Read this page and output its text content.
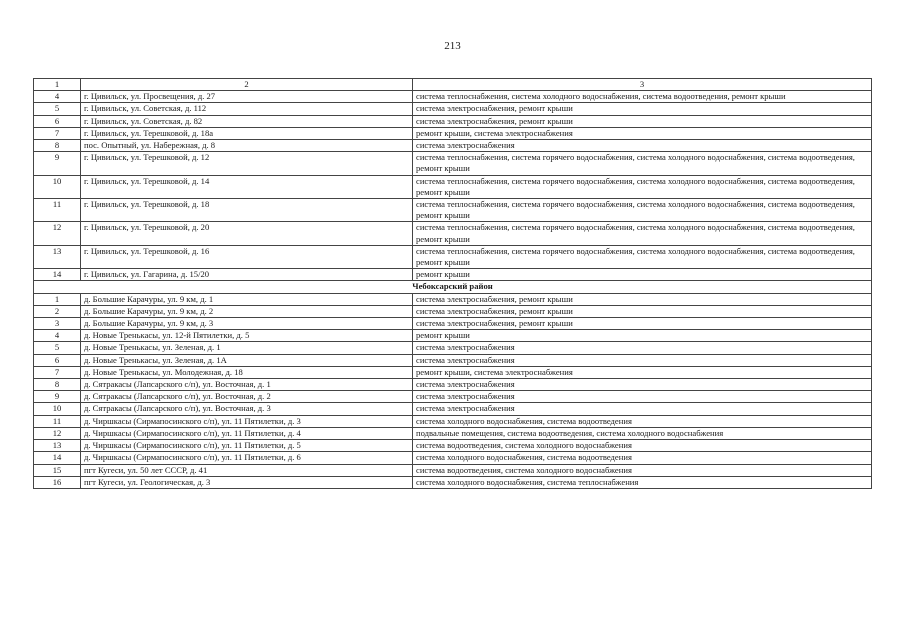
213
1	2	3
4	г. Цивильск, ул. Просвещения, д. 27	система теплоснабжения, система холодного водоснабжения, система водоотведения, ремонт крыши
5	г. Цивильск, ул. Советская, д. 112	система электроснабжения, ремонт крыши
6	г. Цивильск, ул. Советская, д. 82	система электроснабжения, ремонт крыши
7	г. Цивильск, ул. Терешковой, д. 18а	ремонт крыши, система электроснабжения
8	пос. Опытный, ул. Набережная, д. 8	система электроснабжения
9	г. Цивильск, ул. Терешковой, д. 12	система теплоснабжения, система горячего водоснабжения, система холодного водоснабжения, система водоотведения, ремонт крыши
10	г. Цивильск, ул. Терешковой, д. 14	система теплоснабжения, система горячего водоснабжения, система холодного водоснабжения, система водоотведения, ремонт крыши
11	г. Цивильск, ул. Терешковой, д. 18	система теплоснабжения, система горячего водоснабжения, система холодного водоснабжения, система водоотведения, ремонт крыши
12	г. Цивильск, ул. Терешковой, д. 20	система теплоснабжения, система горячего водоснабжения, система холодного водоснабжения, система водоотведения, ремонт крыши
13	г. Цивильск, ул. Терешковой, д. 16	система теплоснабжения, система горячего водоснабжения, система холодного водоснабжения, система водоотведения, ремонт крыши
14	г. Цивильск, ул. Гагарина, д. 15/20	ремонт крыши
Чебоксарский район		
1	д. Большие Карачуры, ул. 9 км, д. 1	система электроснабжения, ремонт крыши
2	д. Большие Карачуры, ул. 9 км, д. 2	система электроснабжения, ремонт крыши
3	д. Большие Карачуры, ул. 9 км, д. 3	система электроснабжения, ремонт крыши
4	д. Новые Тренькасы, ул. 12-й Пятилетки, д. 5	ремонт крыши
5	д. Новые Тренькасы, ул. Зеленая, д. 1	система электроснабжения
6	д. Новые Тренькасы, ул. Зеленая, д. 1А	система электроснабжения
7	д. Новые Тренькасы, ул. Молодежная, д. 18	ремонт крыши, система электроснабжения
8	д. Сятракасы (Лапсарского с/п), ул. Восточная, д. 1	система электроснабжения
9	д. Сятракасы (Лапсарского с/п), ул. Восточная, д. 2	система электроснабжения
10	д. Сятракасы (Лапсарского с/п), ул. Восточная, д. 3	система электроснабжения
11	д. Чиршкасы (Сирмапосинского с/п), ул. 11 Пятилетки, д. 3	система холодного водоснабжения, система водоотведения
12	д. Чиршкасы (Сирмапосинского с/п), ул. 11 Пятилетки, д. 4	подвальные помещения, система водоотведения, система холодного водоснабжения
13	д. Чиршкасы (Сирмапосинского с/п), ул. 11 Пятилетки, д. 5	система водоотведения, система холодного водоснабжения
14	д. Чиршкасы (Сирмапосинского с/п), ул. 11 Пятилетки, д. 6	система холодного водоснабжения, система водоотведения
15	пгт Кугеси, ул. 50 лет СССР, д. 41	система водоотведения, система холодного водоснабжения
16	пгт Кугеси, ул. Геологическая, д. 3	система холодного водоснабжения, система теплоснабжения
